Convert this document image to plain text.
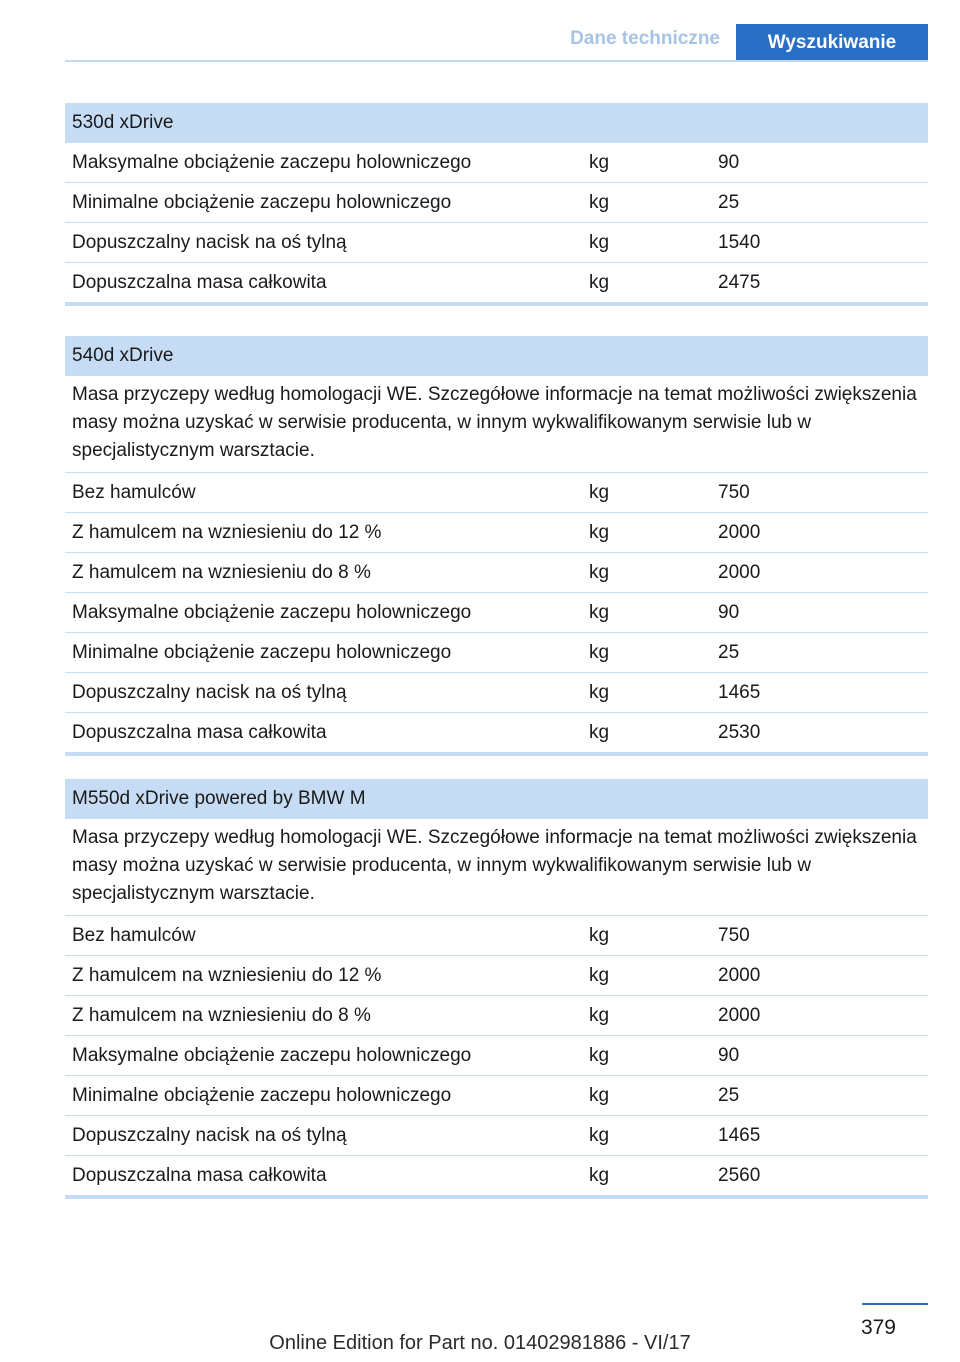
Dane techniczne	Wyszukiwanie
530d xDrive
Maksymalne obciążenie zaczepu holowniczego	kg	90
Minimalne obciążenie zaczepu holowniczego	kg	25
Dopuszczalny nacisk na oś tylną	kg	1540
Dopuszczalna masa całkowita	kg	2475
540d xDrive
Masa przyczepy według homologacji WE. Szczegółowe informacje na temat możliwości zwiększenia masy można uzyskać w serwisie producenta, w innym wykwalifikowanym serwisie lub w specjalistycznym warsztacie.
Bez hamulców	kg	750
Z hamulcem na wzniesieniu do 12 %	kg	2000
Z hamulcem na wzniesieniu do 8 %	kg	2000
Maksymalne obciążenie zaczepu holowniczego	kg	90
Minimalne obciążenie zaczepu holowniczego	kg	25
Dopuszczalny nacisk na oś tylną	kg	1465
Dopuszczalna masa całkowita	kg	2530
M550d xDrive powered by BMW M
Masa przyczepy według homologacji WE. Szczegółowe informacje na temat możliwości zwiększenia masy można uzyskać w serwisie producenta, w innym wykwalifikowanym serwisie lub w specjalistycznym warsztacie.
Bez hamulców	kg	750
Z hamulcem na wzniesieniu do 12 %	kg	2000
Z hamulcem na wzniesieniu do 8 %	kg	2000
Maksymalne obciążenie zaczepu holowniczego	kg	90
Minimalne obciążenie zaczepu holowniczego	kg	25
Dopuszczalny nacisk na oś tylną	kg	1465
Dopuszczalna masa całkowita	kg	2560
379
Online Edition for Part no. 01402981886 - VI/17
